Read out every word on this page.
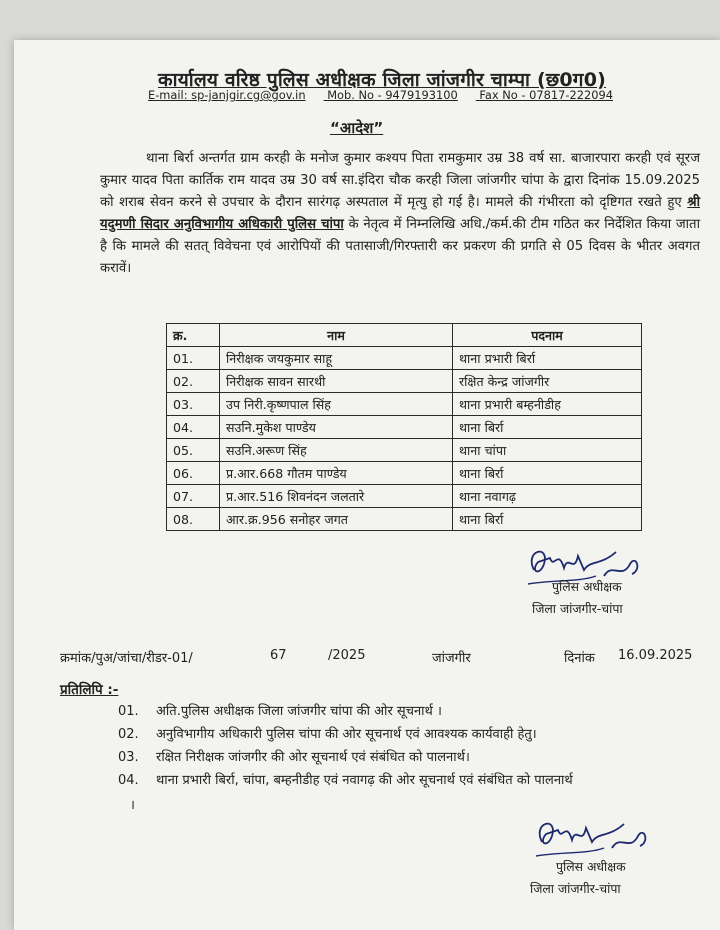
कार्यालय वरिष्ठ पुलिस अधीक्षक जिला जांजगीर चाम्पा (छ0ग0)
E-mail: sp-janjgir.cg@gov.in Mob. No - 9479193100 Fax No - 07817-222094
“आदेश”
थाना बिर्रा अन्तर्गत ग्राम करही के मनोज कुमार कश्यप पिता रामकुमार उम्र 38 वर्ष सा. बाजारपारा करही एवं सूरज कुमार यादव पिता कार्तिक राम यादव उम्र 30 वर्ष सा.इंदिरा चौक करही जिला जांजगीर चांपा के द्वारा दिनांक 15.09.2025 को शराब सेवन करने से उपचार के दौरान सारंगढ़ अस्पताल में मृत्यु हो गई है। मामले की गंभीरता को दृष्टिगत रखते हुए श्री यदुमणी सिदार अनुविभागीय अधिकारी पुलिस चांपा के नेतृत्व में निम्नलिखि अधि./कर्म.की टीम गठित कर निर्देशित किया जाता है कि मामले की सतत् विवेचना एवं आरोपियों की पतासाजी/गिरफ्तारी कर प्रकरण की प्रगति से 05 दिवस के भीतर अवगत करावें।
क्र.	नाम	पदनाम
01.	निरीक्षक जयकुमार साहू	थाना प्रभारी बिर्रा
02.	निरीक्षक सावन सारथी	रक्षित केन्द्र जांजगीर
03.	उप निरी.कृष्णपाल सिंह	थाना प्रभारी बम्हनीडीह
04.	सउनि.मुकेश पाण्डेय	थाना बिर्रा
05.	सउनि.अरूण सिंह	थाना चांपा
06.	प्र.आर.668 गौतम पाण्डेय	थाना बिर्रा
07.	प्र.आर.516 शिवनंदन जलतारे	थाना नवागढ़
08.	आर.क्र.956 सनोहर जगत	थाना बिर्रा
पुलिस अधीक्षक
जिला जांजगीर-चांपा
क्रमांक/पुअ/जांचा/रीडर-01/	67	/2025	जांजगीर	दिनांक 16.09.2025
प्रतिलिपि :-
01. अति.पुलिस अधीक्षक जिला जांजगीर चांपा की ओर सूचनार्थ ।
02. अनुविभागीय अधिकारी पुलिस चांपा की ओर सूचनार्थ एवं आवश्यक कार्यवाही हेतु।
03. रक्षित निरीक्षक जांजगीर की ओर सूचनार्थ एवं संबंधित को पालनार्थ।
04. थाना प्रभारी बिर्रा, चांपा, बम्हनीडीह एवं नवागढ़ की ओर सूचनार्थ एवं संबंधित को पालनार्थ
।
पुलिस अधीक्षक
जिला जांजगीर-चांपा
